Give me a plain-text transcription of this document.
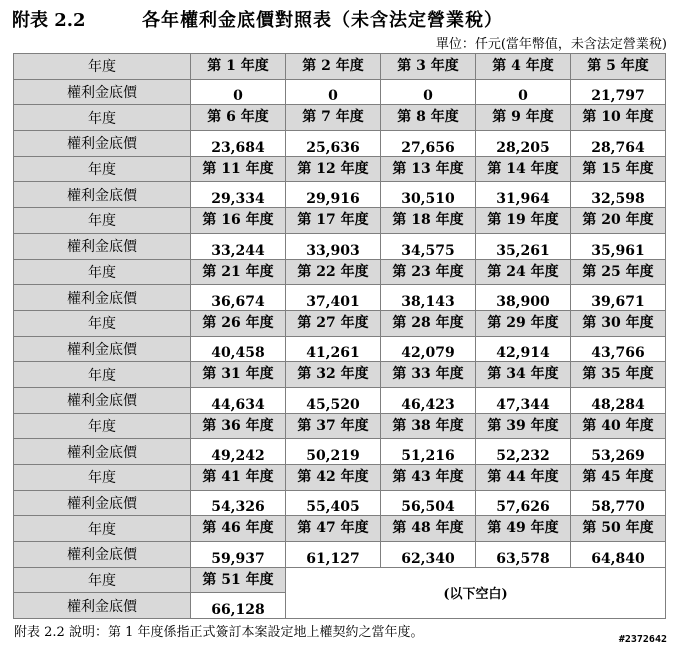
附表 2.2	各年權利金底價對照表（未含法定營業稅）
單位：仟元(當年幣值，未含法定營業稅)
年度	第 1 年度	第 2 年度	第 3 年度	第 4 年度	第 5 年度
權利金底價	0	0	0	0	21,797
年度	第 6 年度	第 7 年度	第 8 年度	第 9 年度	第 10 年度
權利金底價	23,684	25,636	27,656	28,205	28,764
年度	第 11 年度	第 12 年度	第 13 年度	第 14 年度	第 15 年度
權利金底價	29,334	29,916	30,510	31,964	32,598
年度	第 16 年度	第 17 年度	第 18 年度	第 19 年度	第 20 年度
權利金底價	33,244	33,903	34,575	35,261	35,961
年度	第 21 年度	第 22 年度	第 23 年度	第 24 年度	第 25 年度
權利金底價	36,674	37,401	38,143	38,900	39,671
年度	第 26 年度	第 27 年度	第 28 年度	第 29 年度	第 30 年度
權利金底價	40,458	41,261	42,079	42,914	43,766
年度	第 31 年度	第 32 年度	第 33 年度	第 34 年度	第 35 年度
權利金底價	44,634	45,520	46,423	47,344	48,284
年度	第 36 年度	第 37 年度	第 38 年度	第 39 年度	第 40 年度
權利金底價	49,242	50,219	51,216	52,232	53,269
年度	第 41 年度	第 42 年度	第 43 年度	第 44 年度	第 45 年度
權利金底價	54,326	55,405	56,504	57,626	58,770
年度	第 46 年度	第 47 年度	第 48 年度	第 49 年度	第 50 年度
權利金底價	59,937	61,127	62,340	63,578	64,840
年度	第 51 年度	(以下空白)			
權利金底價	66,128				
附表 2.2 說明：第 1 年度係指正式簽訂本案設定地上權契約之當年度。	#2372642
